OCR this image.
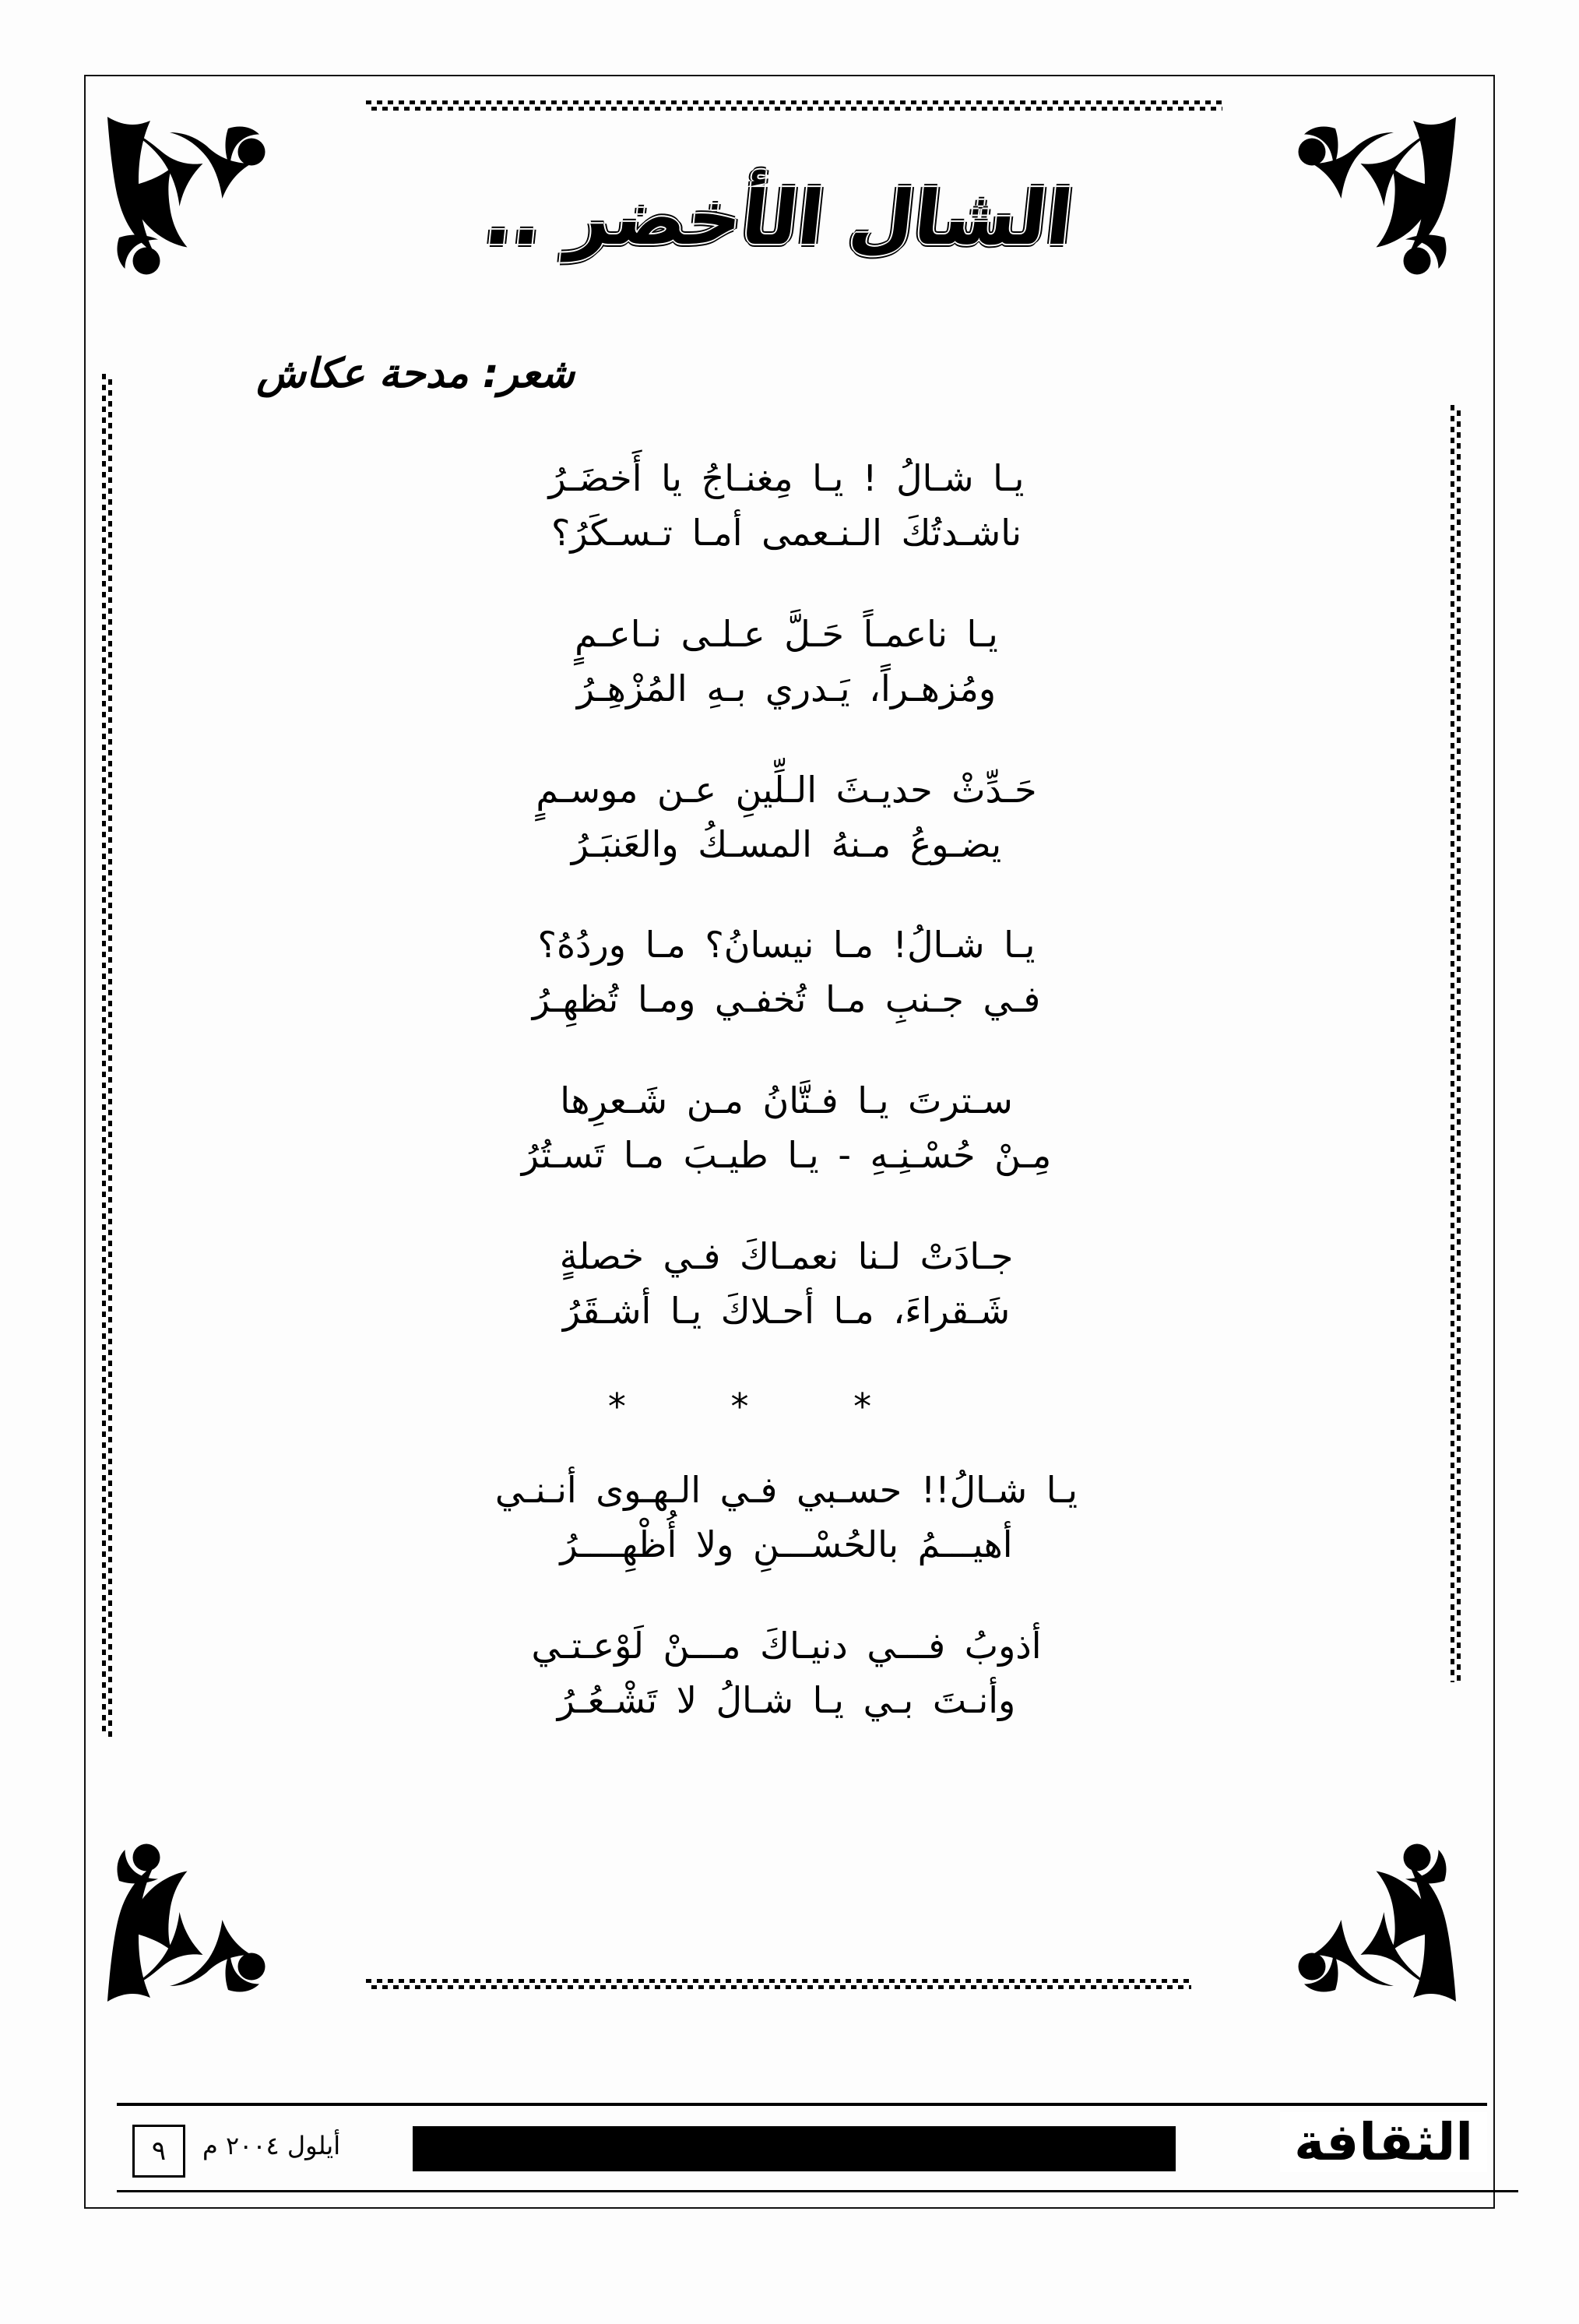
الشال الأخضر ..
شعر: مدحة عكاش
يـا شـالُ ! يـا مِغنـاجُ يا أَخضَـرُ
ناشـدتُكَ الـنـعمى أمـا تـسـكَرُ؟
يـا ناعمـاً حَـلَّ عـلـى نـاعـمٍ
ومُزهـراً، يَـدري بـهِ المُزْهِـرُ
حَـدِّثْ حديـثَ الـلِّينِ عـن موسـمٍ
يضـوعُ مـنهُ المسـكُ والعَنبَـرُ
يـا شـالُ! مـا نيسانُ؟ مـا وردُهُ؟
فـي جـنبِ مـا تُخفـي ومـا تُظهِـرُ
سـترتَ يـا فـتَّانُ مـن شَـعرِها
مِـنْ حُسْـنِـهِ - يـا طيـبَ مـا تَسـتُرُ
جـادَتْ لـنا نعمـاكَ فـي خصلةٍ
شَـقراءَ، مـا أحـلاكَ يـا أشـقَرُ
* * *
يـا شـالُ!! حسـبي فـي الـهـوى أنـنـي
أهيـــمُ بالحُسْـــنِ ولا أُظْهِــــرُ
أذوبُ فـــي دنيـاكَ مـــنْ لَوْعـتـي
وأنـتَ بـي يـا شـالُ لا تَشْـعُـرُ
٩	أيلول ٢٠٠٤ م	الثقافة
